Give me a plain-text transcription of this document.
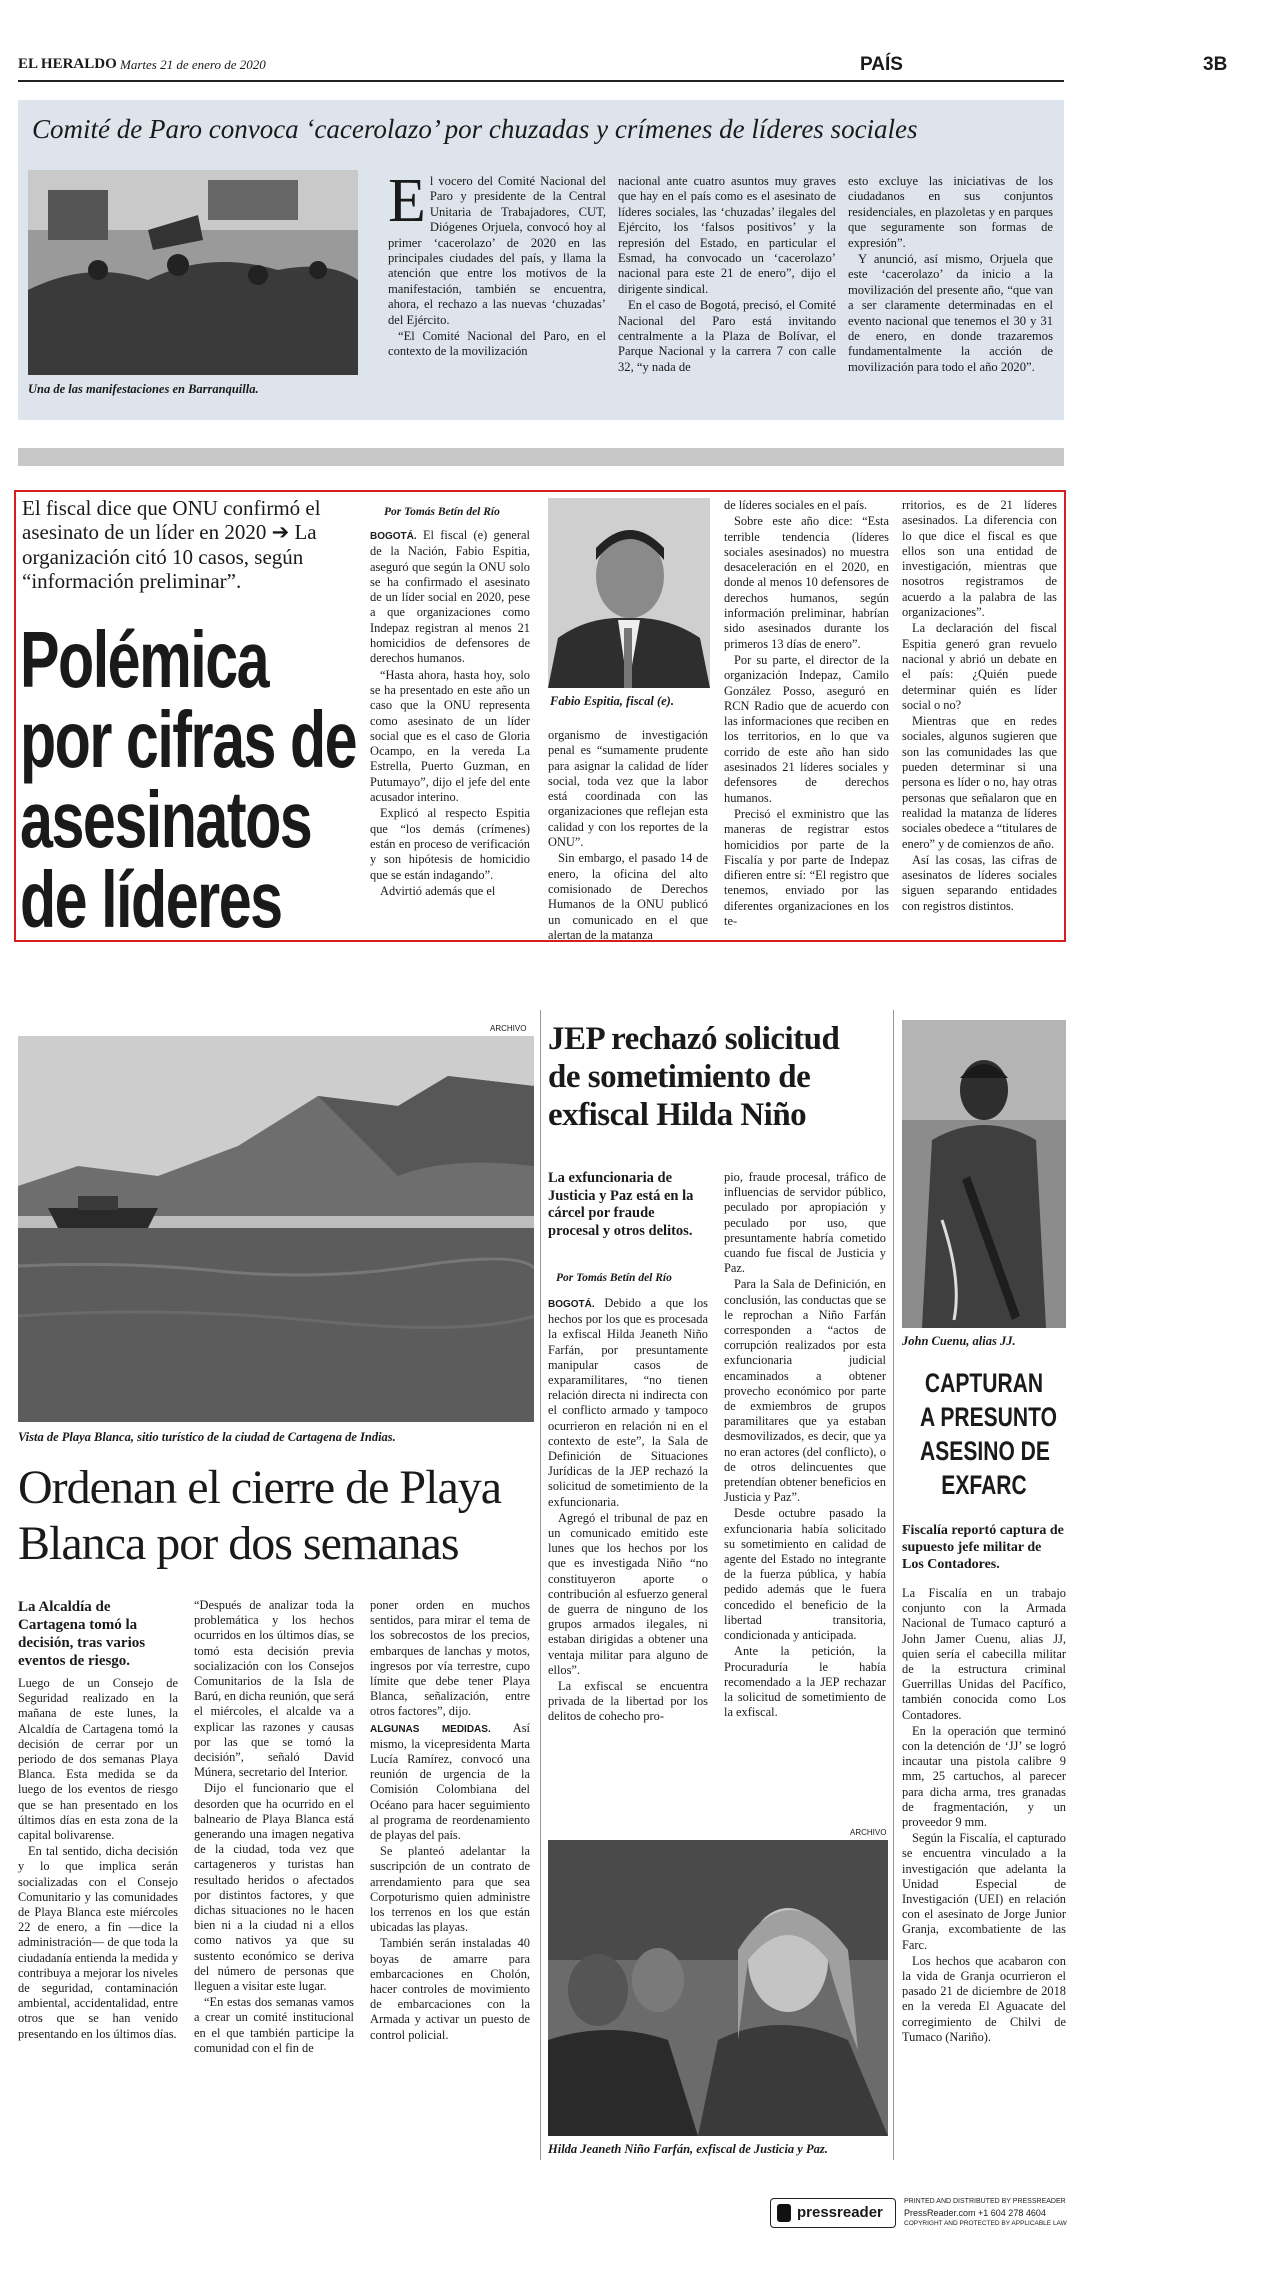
EL HERALDO Martes 21 de enero de 2020	PAÍS	3B
Comité de Paro convoca ‘cacerolazo’ por chuzadas y crímenes de líderes sociales
Una de las manifestaciones en Barranquilla.
E l vocero del Comité Nacional del Paro y presidente de la Central Unitaria de Trabajadores, CUT, Diógenes Orjuela, convocó hoy al primer ‘cacerolazo’ de 2020 en las principales ciudades del país, y llama la atención que entre los motivos de la manifestación, también se encuentra, ahora, el rechazo a las nuevas ‘chuzadas’ del Ejército.

“El Comité Nacional del Paro, en el contexto de la movilización

nacional ante cuatro asuntos muy graves que hay en el país como es el asesinato de líderes sociales, las ‘chuzadas’ ilegales del Ejército, los ‘falsos positivos’ y la represión del Estado, en particular el Esmad, ha convocado un ‘cacerolazo’ nacional para este 21 de enero”, dijo el dirigente sindical.

En el caso de Bogotá, precisó, el Comité Nacional del Paro está invitando centralmente a la Plaza de Bolívar, el Parque Nacional y la carrera 7 con calle 32, “y nada de

esto excluye las iniciativas de los ciudadanos en sus conjuntos residenciales, en plazoletas y en parques que seguramente son formas de expresión”.

Y anunció, así mismo, Orjuela que este ‘cacerolazo’ da inicio a la movilización del presente año, “que van a ser claramente determinadas en el evento nacional que tenemos el 30 y 31 de enero, en donde trazaremos fundamentalmente la acción de movilización para todo el año 2020”.

El fiscal dice que ONU confirmó el asesinato de un líder en 2020 ➔ La organización citó 10 casos, según “información preliminar”.
Polémica
por cifras de
asesinatos
de líderes
Por Tomás Betín del Río

BOGOTÁ. El fiscal (e) general de la Nación, Fabio Espitia, aseguró que según la ONU solo se ha confirmado el asesinato de un líder social en 2020, pese a que organizaciones como Indepaz registran al menos 21 homicidios de defensores de derechos humanos.

“Hasta ahora, hasta hoy, solo se ha presentado en este año un caso que la ONU representa como asesinato de un líder social que es el caso de Gloria Ocampo, en la vereda La Estrella, Puerto Guzman, en Putumayo”, dijo el jefe del ente acusador interino.

Explicó al respecto Espitia que “los demás (crímenes) están en proceso de verificación y son hipótesis de homicidio que se están indagando”.

Advirtió además que el

Fabio Espitia, fiscal (e).

organismo de investigación penal es “sumamente prudente para asignar la calidad de líder social, toda vez que la labor está coordinada con las organizaciones que reflejan esta calidad y con los reportes de la ONU”.

Sin embargo, el pasado 14 de enero, la oficina del alto comisionado de Derechos Humanos de la ONU publicó un comunicado en el que alertan de la matanza

de líderes sociales en el país.

Sobre este año dice: “Esta terrible tendencia (líderes sociales asesinados) no muestra desaceleración en el 2020, en donde al menos 10 defensores de derechos humanos, según información preliminar, habrían sido asesinados durante los primeros 13 días de enero”.

Por su parte, el director de la organización Indepaz, Camilo González Posso, aseguró en RCN Radio que de acuerdo con las informaciones que reciben en los territorios, en lo que va corrido de este año han sido asesinados 21 líderes sociales y defensores de derechos humanos.

Precisó el exministro que las maneras de registrar estos homicidios por parte de la Fiscalía y por parte de Indepaz difieren entre sí: “El registro que tenemos, enviado por las diferentes organizaciones en los te-

rritorios, es de 21 líderes asesinados. La diferencia con lo que dice el fiscal es que ellos son una entidad de investigación, mientras que nosotros registramos de acuerdo a la palabra de las organizaciones”.

La declaración del fiscal Espitia generó gran revuelo nacional y abrió un debate en el país: ¿Quién puede determinar quién es líder social o no?

Mientras que en redes sociales, algunos sugieren que son las comunidades las que pueden determinar si una persona es líder o no, hay otras personas que señalaron que en realidad la matanza de líderes sociales obedece a “titulares de enero” y de comienzos de año.

Así las cosas, las cifras de asesinatos de líderes sociales siguen separando entidades con registros distintos.

ARCHIVO
Vista de Playa Blanca, sitio turístico de la ciudad de Cartagena de Indias.
Ordenan el cierre de Playa
Blanca por dos semanas
La Alcaldía de Cartagena tomó la decisión, tras varios eventos de riesgo.

Luego de un Consejo de Seguridad realizado en la mañana de este lunes, la Alcaldía de Cartagena tomó la decisión de cerrar por un periodo de dos semanas Playa Blanca. Esta medida se da luego de los eventos de riesgo que se han presentado en los últimos días en esta zona de la capital bolivarense.

En tal sentido, dicha decisión y lo que implica serán socializadas con el Consejo Comunitario y las comunidades de Playa Blanca este miércoles 22 de enero, a fin —dice la administración— de que toda la ciudadanía entienda la medida y contribuya a mejorar los niveles de seguridad, contaminación ambiental, accidentalidad, entre otros que se han venido presentando en los últimos días.

“Después de analizar toda la problemática y los hechos ocurridos en los últimos días, se tomó esta decisión previa socialización con los Consejos Comunitarios de la Isla de Barú, en dicha reunión, que será el miércoles, el alcalde va a explicar las razones y causas por las que se tomó la decisión”, señaló David Múnera, secretario del Interior.

Dijo el funcionario que el desorden que ha ocurrido en el balneario de Playa Blanca está generando una imagen negativa de la ciudad, toda vez que cartageneros y turistas han resultado heridos o afectados por distintos factores, y que dichas situaciones no le hacen bien ni a la ciudad ni a ellos como nativos ya que su sustento económico se deriva del número de personas que lleguen a visitar este lugar.

“En estas dos semanas vamos a crear un comité institucional en el que también participe la comunidad con el fin de

poner orden en muchos sentidos, para mirar el tema de los sobrecostos de los precios, embarques de lanchas y motos, ingresos por vía terrestre, cupo límite que debe tener Playa Blanca, señalización, entre otros factores”, dijo.

ALGUNAS MEDIDAS. Así mismo, la vicepresidenta Marta Lucía Ramírez, convocó una reunión de urgencia de la Comisión Colombiana del Océano para hacer seguimiento al programa de reordenamiento de playas del país.

Se planteó adelantar la suscripción de un contrato de arrendamiento para que sea Corpoturismo quien administre los terrenos en los que están ubicadas las playas.

También serán instaladas 40 boyas de amarre para embarcaciones en Cholón, hacer controles de movimiento de embarcaciones con la Armada y activar un puesto de control policial.

JEP rechazó solicitud
de sometimiento de
exfiscal Hilda Niño
La exfuncionaria de Justicia y Paz está en la cárcel por fraude procesal y otros delitos.
Por Tomás Betín del Río

BOGOTÁ. Debido a que los hechos por los que es procesada la exfiscal Hilda Jeaneth Niño Farfán, por presuntamente manipular casos de exparamilitares, “no tienen relación directa ni indirecta con el conflicto armado y tampoco ocurrieron en relación ni en el contexto de este”, la Sala de Definición de Situaciones Jurídicas de la JEP rechazó la solicitud de sometimiento de la exfuncionaria.

Agregó el tribunal de paz en un comunicado emitido este lunes que los hechos por los que es investigada Niño “no constituyeron aporte o contribución al esfuerzo general de guerra de ninguno de los grupos armados ilegales, ni estaban dirigidas a obtener una ventaja militar para alguno de ellos”.

La exfiscal se encuentra privada de la libertad por los delitos de cohecho pro-

pio, fraude procesal, tráfico de influencias de servidor público, peculado por apropiación y peculado por uso, que presuntamente habría cometido cuando fue fiscal de Justicia y Paz.

Para la Sala de Definición, en conclusión, las conductas que se le reprochan a Niño Farfán corresponden a “actos de corrupción realizados por esta exfuncionaria judicial encaminados a obtener provecho económico por parte de exmiembros de grupos paramilitares que ya estaban desmovilizados, es decir, que ya no eran actores (del conflicto), o de otros delincuentes que pretendían obtener beneficios en Justicia y Paz”.

Desde octubre pasado la exfuncionaria había solicitado su sometimiento en calidad de agente del Estado no integrante de la fuerza pública, y había pedido además que le fuera concedido el beneficio de la libertad transitoria, condicionada y anticipada.

Ante la petición, la Procuraduría le había recomendado a la JEP rechazar la solicitud de sometimiento de la exfiscal.

ARCHIVO
Hilda Jeaneth Niño Farfán, exfiscal de Justicia y Paz.
John Cuenu, alias JJ.
CAPTURAN
A PRESUNTO
ASESINO DE
EXFARC
Fiscalía reportó captura de supuesto jefe militar de Los Contadores.

La Fiscalía en un trabajo conjunto con la Armada Nacional de Tumaco capturó a John Jamer Cuenu, alias JJ, quien sería el cabecilla militar de la estructura criminal Guerrillas Unidas del Pacífico, también conocida como Los Contadores.

En la operación que terminó con la detención de ‘JJ’ se logró incautar una pistola calibre 9 mm, 25 cartuchos, al parecer para dicha arma, tres granadas de fragmentación, y un proveedor 9 mm.

Según la Fiscalía, el capturado se encuentra vinculado a la investigación que adelanta la Unidad Especial de Investigación (UEI) en relación con el asesinato de Jorge Junior Granja, excombatiente de las Farc.

Los hechos que acabaron con la vida de Granja ocurrieron el pasado 21 de diciembre de 2018 en la vereda El Aguacate del corregimiento de Chilvi de Tumaco (Nariño).

pressreader
PRINTED AND DISTRIBUTED BY PRESSREADER
PressReader.com +1 604 278 4604
COPYRIGHT AND PROTECTED BY APPLICABLE LAW
